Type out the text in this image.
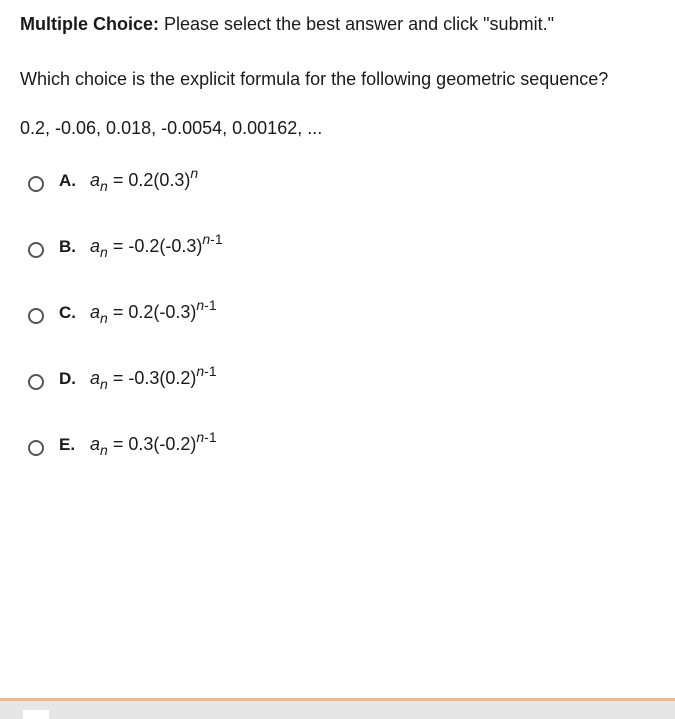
Multiple Choice: Please select the best answer and click "submit."
Which choice is the explicit formula for the following geometric sequence?
0.2, -0.06, 0.018, -0.0054, 0.00162, ...
A. $a_n = 0.2(0.3)^n$
B. $a_n = -0.2(-0.3)^{n-1}$
C. $a_n = 0.2(-0.3)^{n-1}$
D. $a_n = -0.3(0.2)^{n-1}$
E. $a_n = 0.3(-0.2)^{n-1}$
